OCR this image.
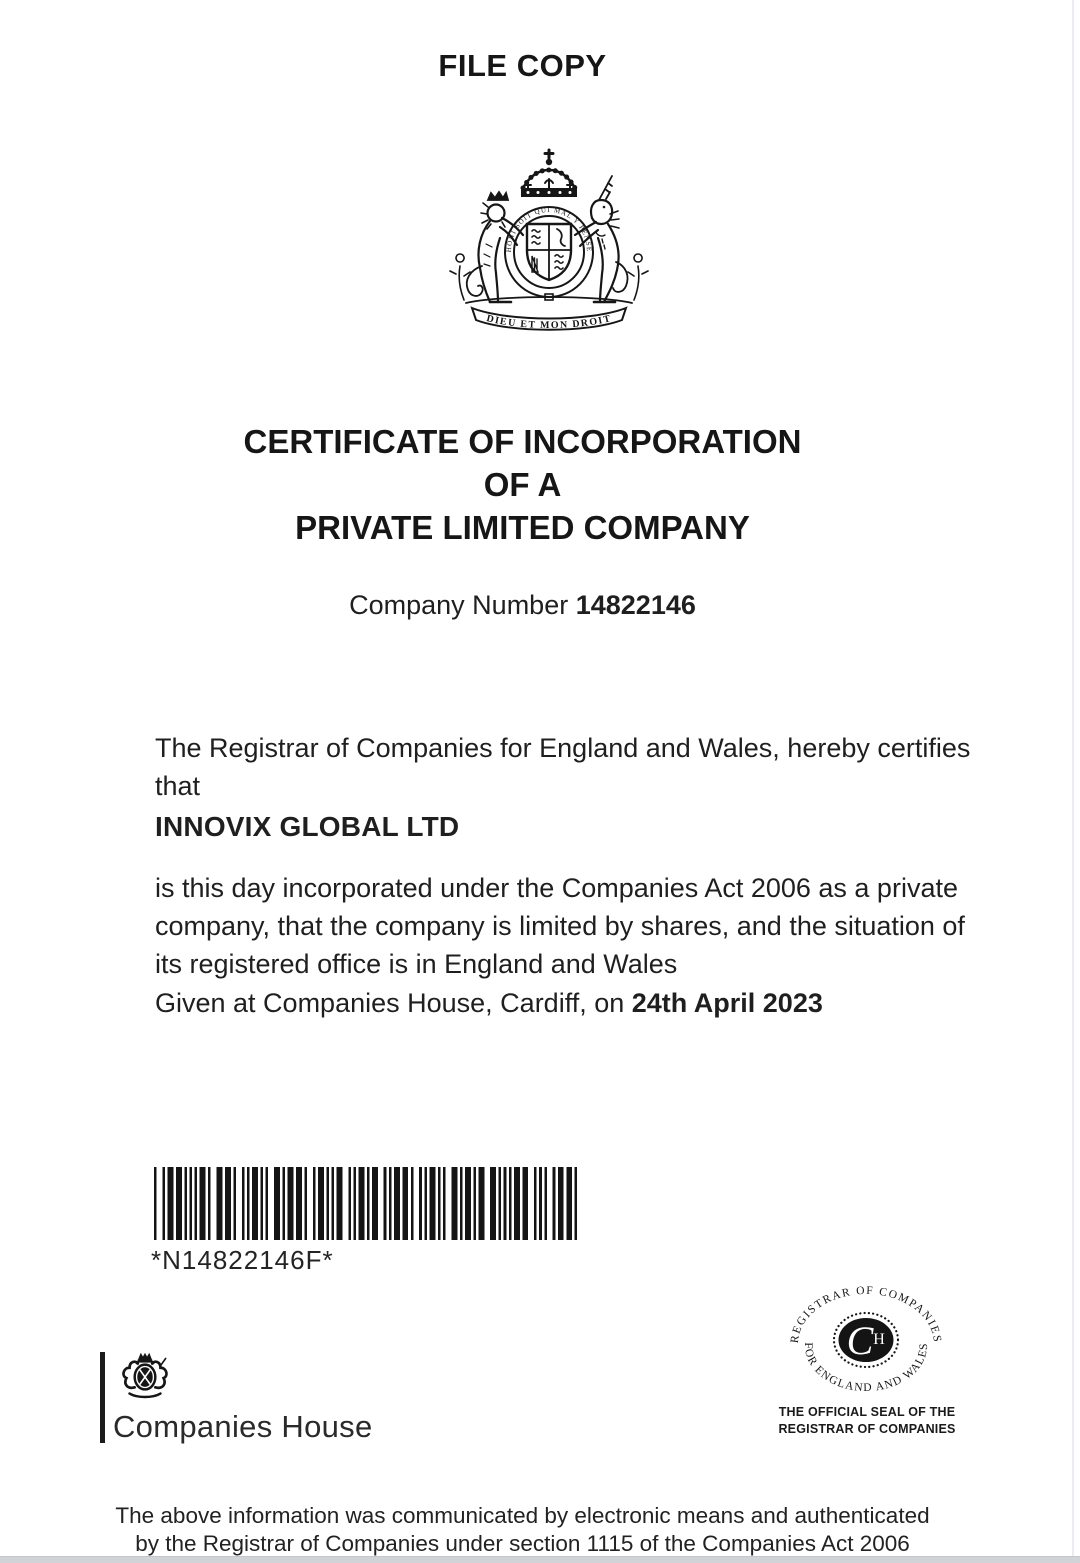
FILE COPY
HONI SOIT QUI MAL Y PENSE
DIEU ET MON DROIT
CERTIFICATE OF INCORPORATION
OF A
PRIVATE LIMITED COMPANY
Company Number 14822146

The Registrar of Companies for England and Wales, hereby certifies that

INNOVIX GLOBAL LTD

is this day incorporated under the Companies Act 2006 as a private company, that the company is limited by shares, and the situation of its registered office is in England and Wales

Given at Companies House, Cardiff, on 24th April 2023
*N14822146F*
Companies House
REGISTRAR OF COMPANIES
FOR ENGLAND AND WALES
C H
THE OFFICIAL SEAL OF THE
REGISTRAR OF COMPANIES
The above information was communicated by electronic means and authenticated
by the Registrar of Companies under section 1115 of the Companies Act 2006
